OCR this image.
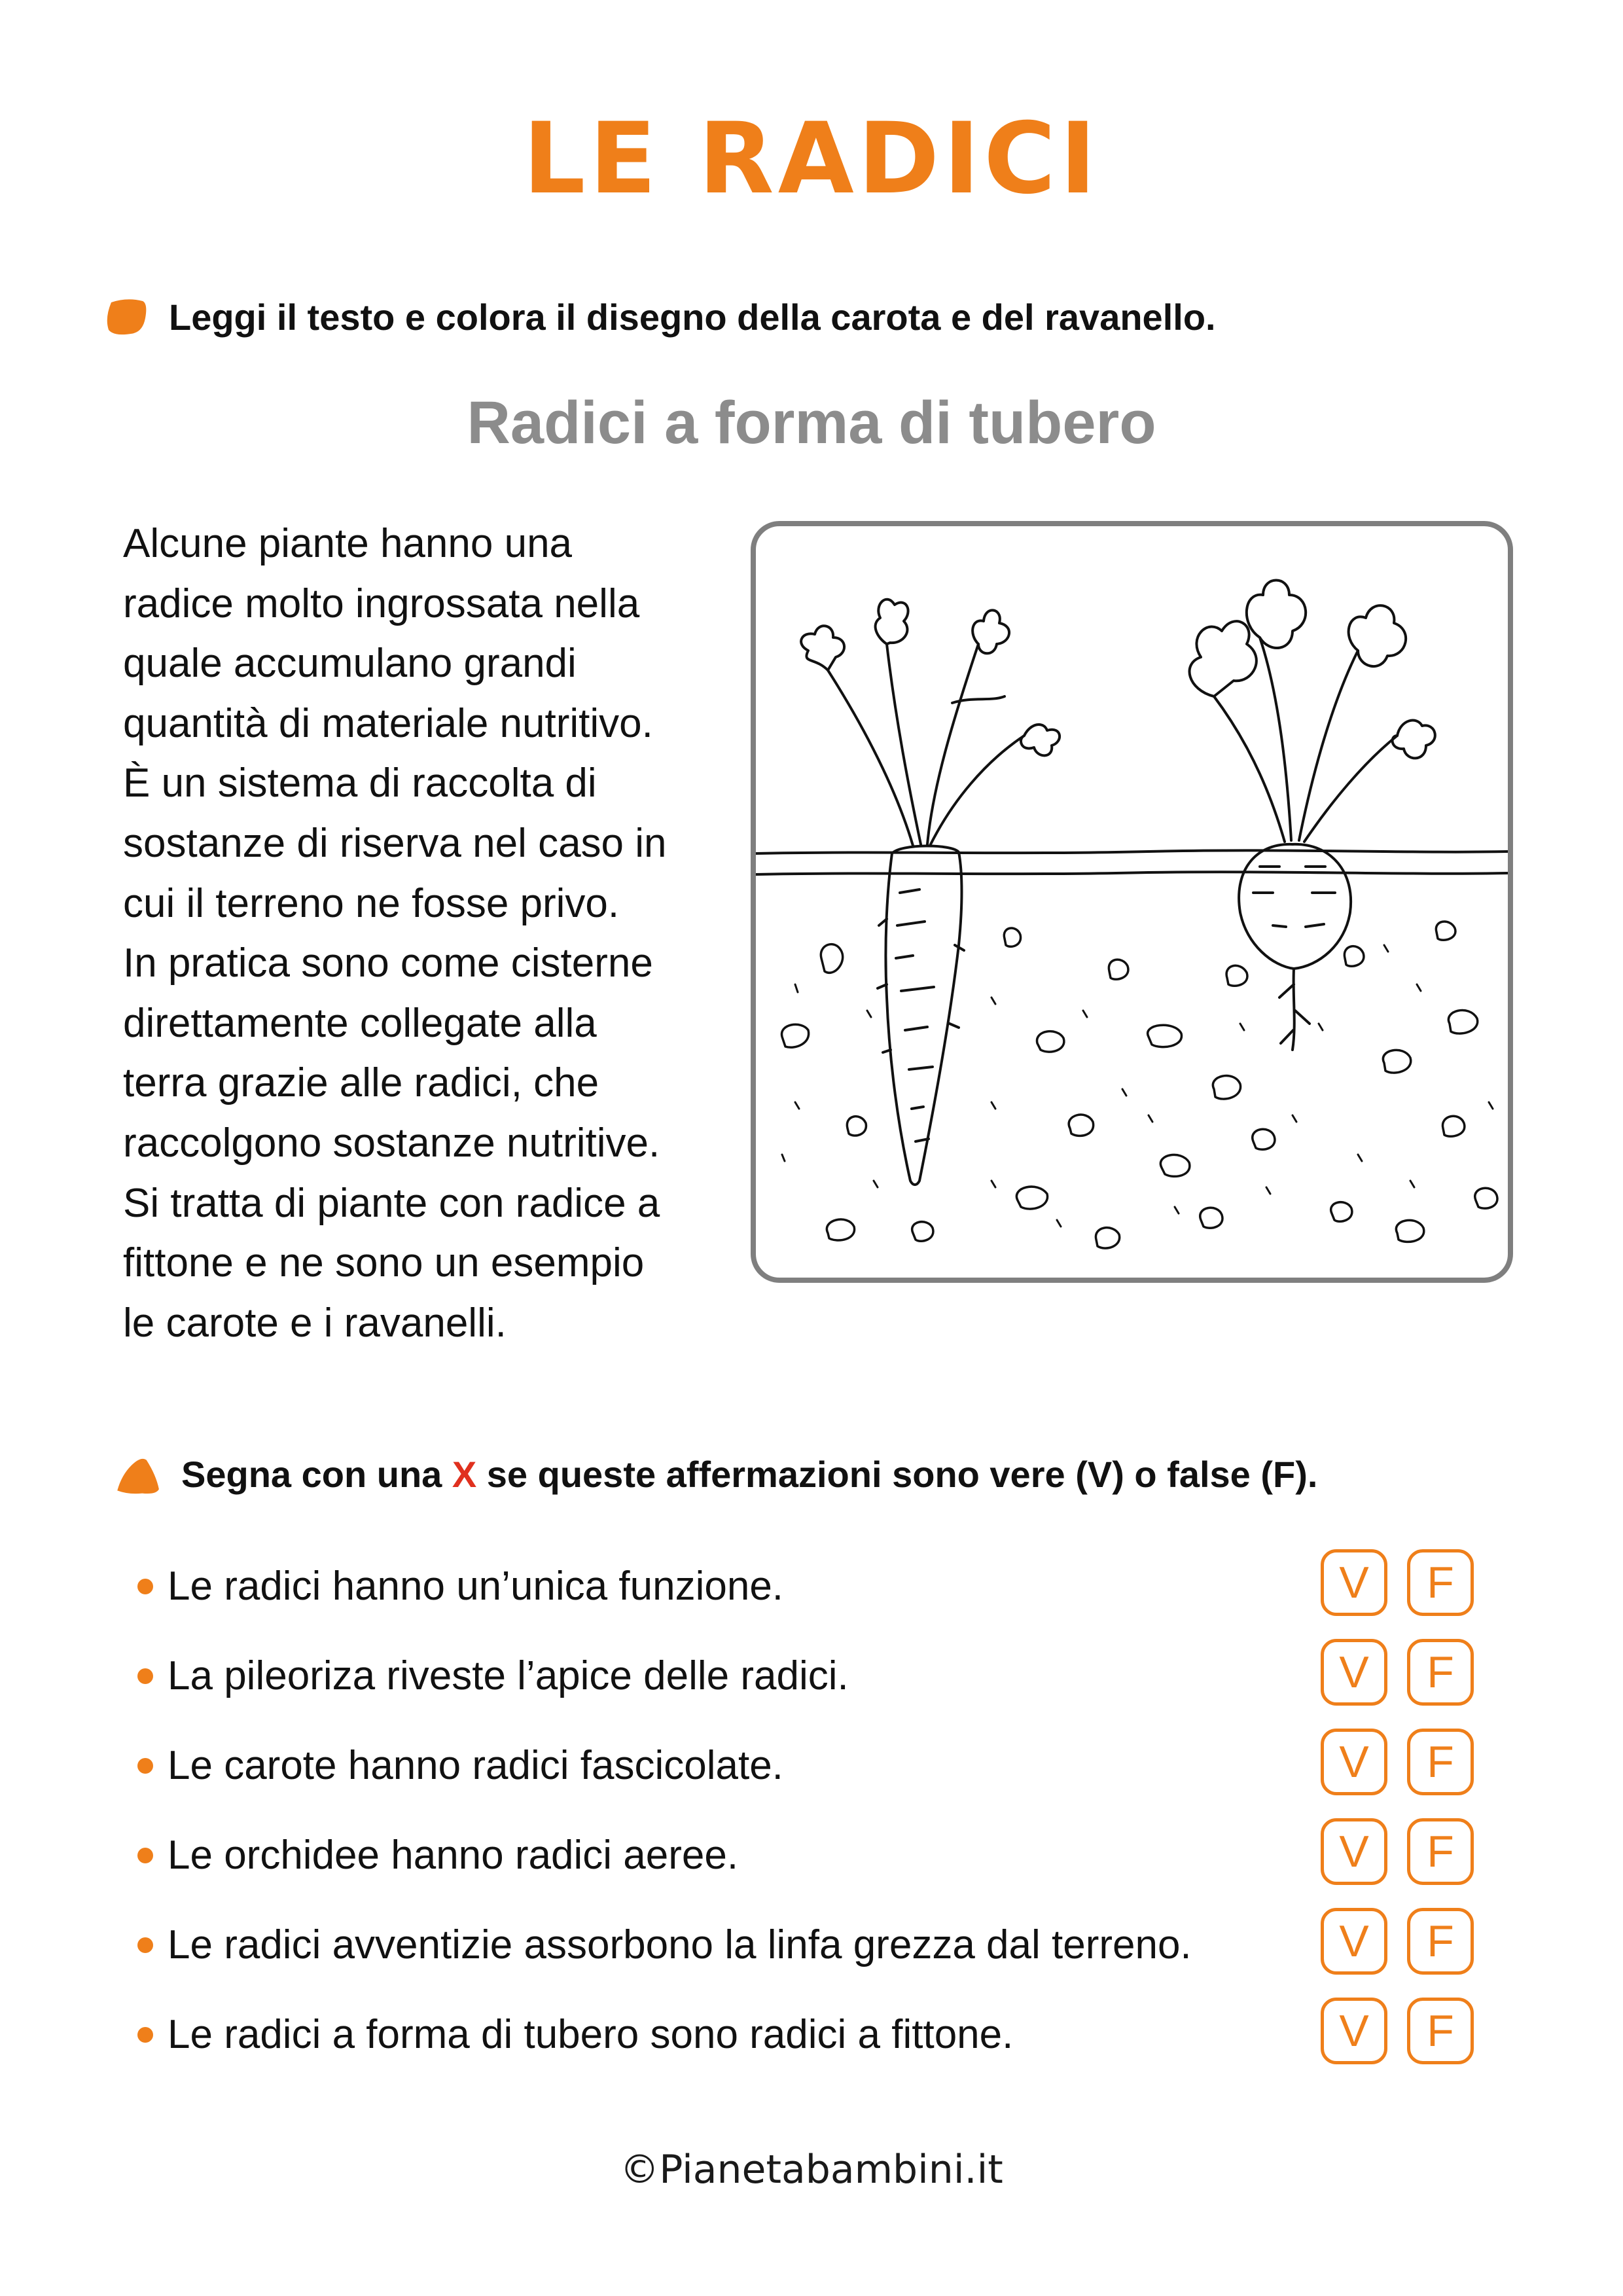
LE RADICI
Leggi il testo e colora il disegno della carota e del ravanello.
Radici a forma di tubero
Alcune piante hanno una
radice molto ingrossata nella
quale accumulano grandi
quantità di materiale nutritivo.
È un sistema di raccolta di
sostanze di riserva nel caso in
cui il terreno ne fosse privo.
In pratica sono come cisterne
direttamente collegate alla
terra grazie alle radici, che
raccolgono sostanze nutritive.
Si tratta di piante con radice a
fittone e ne sono un esempio
le carote e i ravanelli.
Segna con una X se queste affermazioni sono vere (V) o false (F).
Le radici hanno un’unica funzione.	V	F
La pileoriza riveste l’apice delle radici.	V	F
Le carote hanno radici fascicolate.	V	F
Le orchidee hanno radici aeree.	V	F
Le radici avventizie assorbono la linfa grezza dal terreno.	V	F
Le radici a forma di tubero sono radici a fittone.	V	F

©Pianetabambini.it
